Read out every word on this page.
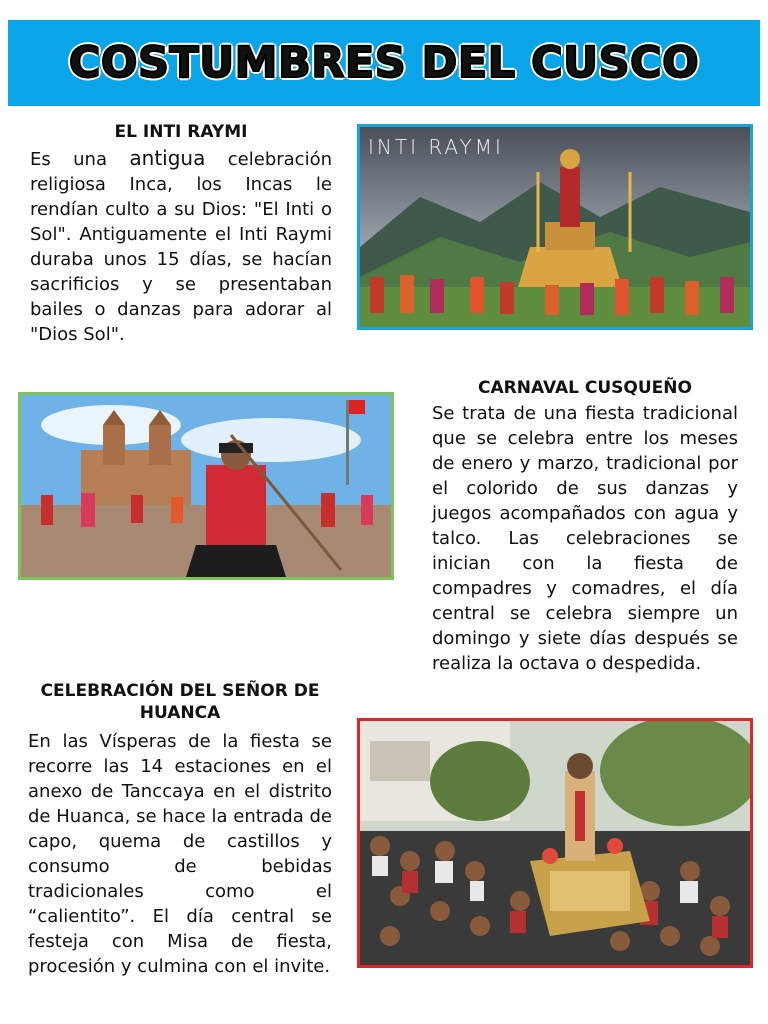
COSTUMBRES DEL CUSCO
EL INTI RAYMI
Es una antigua celebración religiosa Inca, los Incas le rendían culto a su Dios: "El Inti o Sol". Antiguamente el Inti Raymi duraba unos 15 días, se hacían sacrificios y se presentaban bailes o danzas para adorar al "Dios Sol".
INTI RAYMI
CARNAVAL CUSQUEÑO
Se trata de una fiesta tradicional que se celebra entre los meses de enero y marzo, tradicional por el colorido de sus danzas y juegos acompañados con agua y talco. Las celebraciones se inician con la fiesta de compadres y comadres, el día central se celebra siempre un domingo y siete días después se realiza la octava o despedida.
CELEBRACIÓN DEL SEÑOR DE HUANCA
En las Vísperas de la fiesta se recorre las 14 estaciones en el anexo de Tanccaya en el distrito de Huanca, se hace la entrada de capo, quema de castillos y consumo de bebidas tradicionales como el “calientito”. El día central se festeja con Misa de fiesta, procesión y culmina con el invite.
